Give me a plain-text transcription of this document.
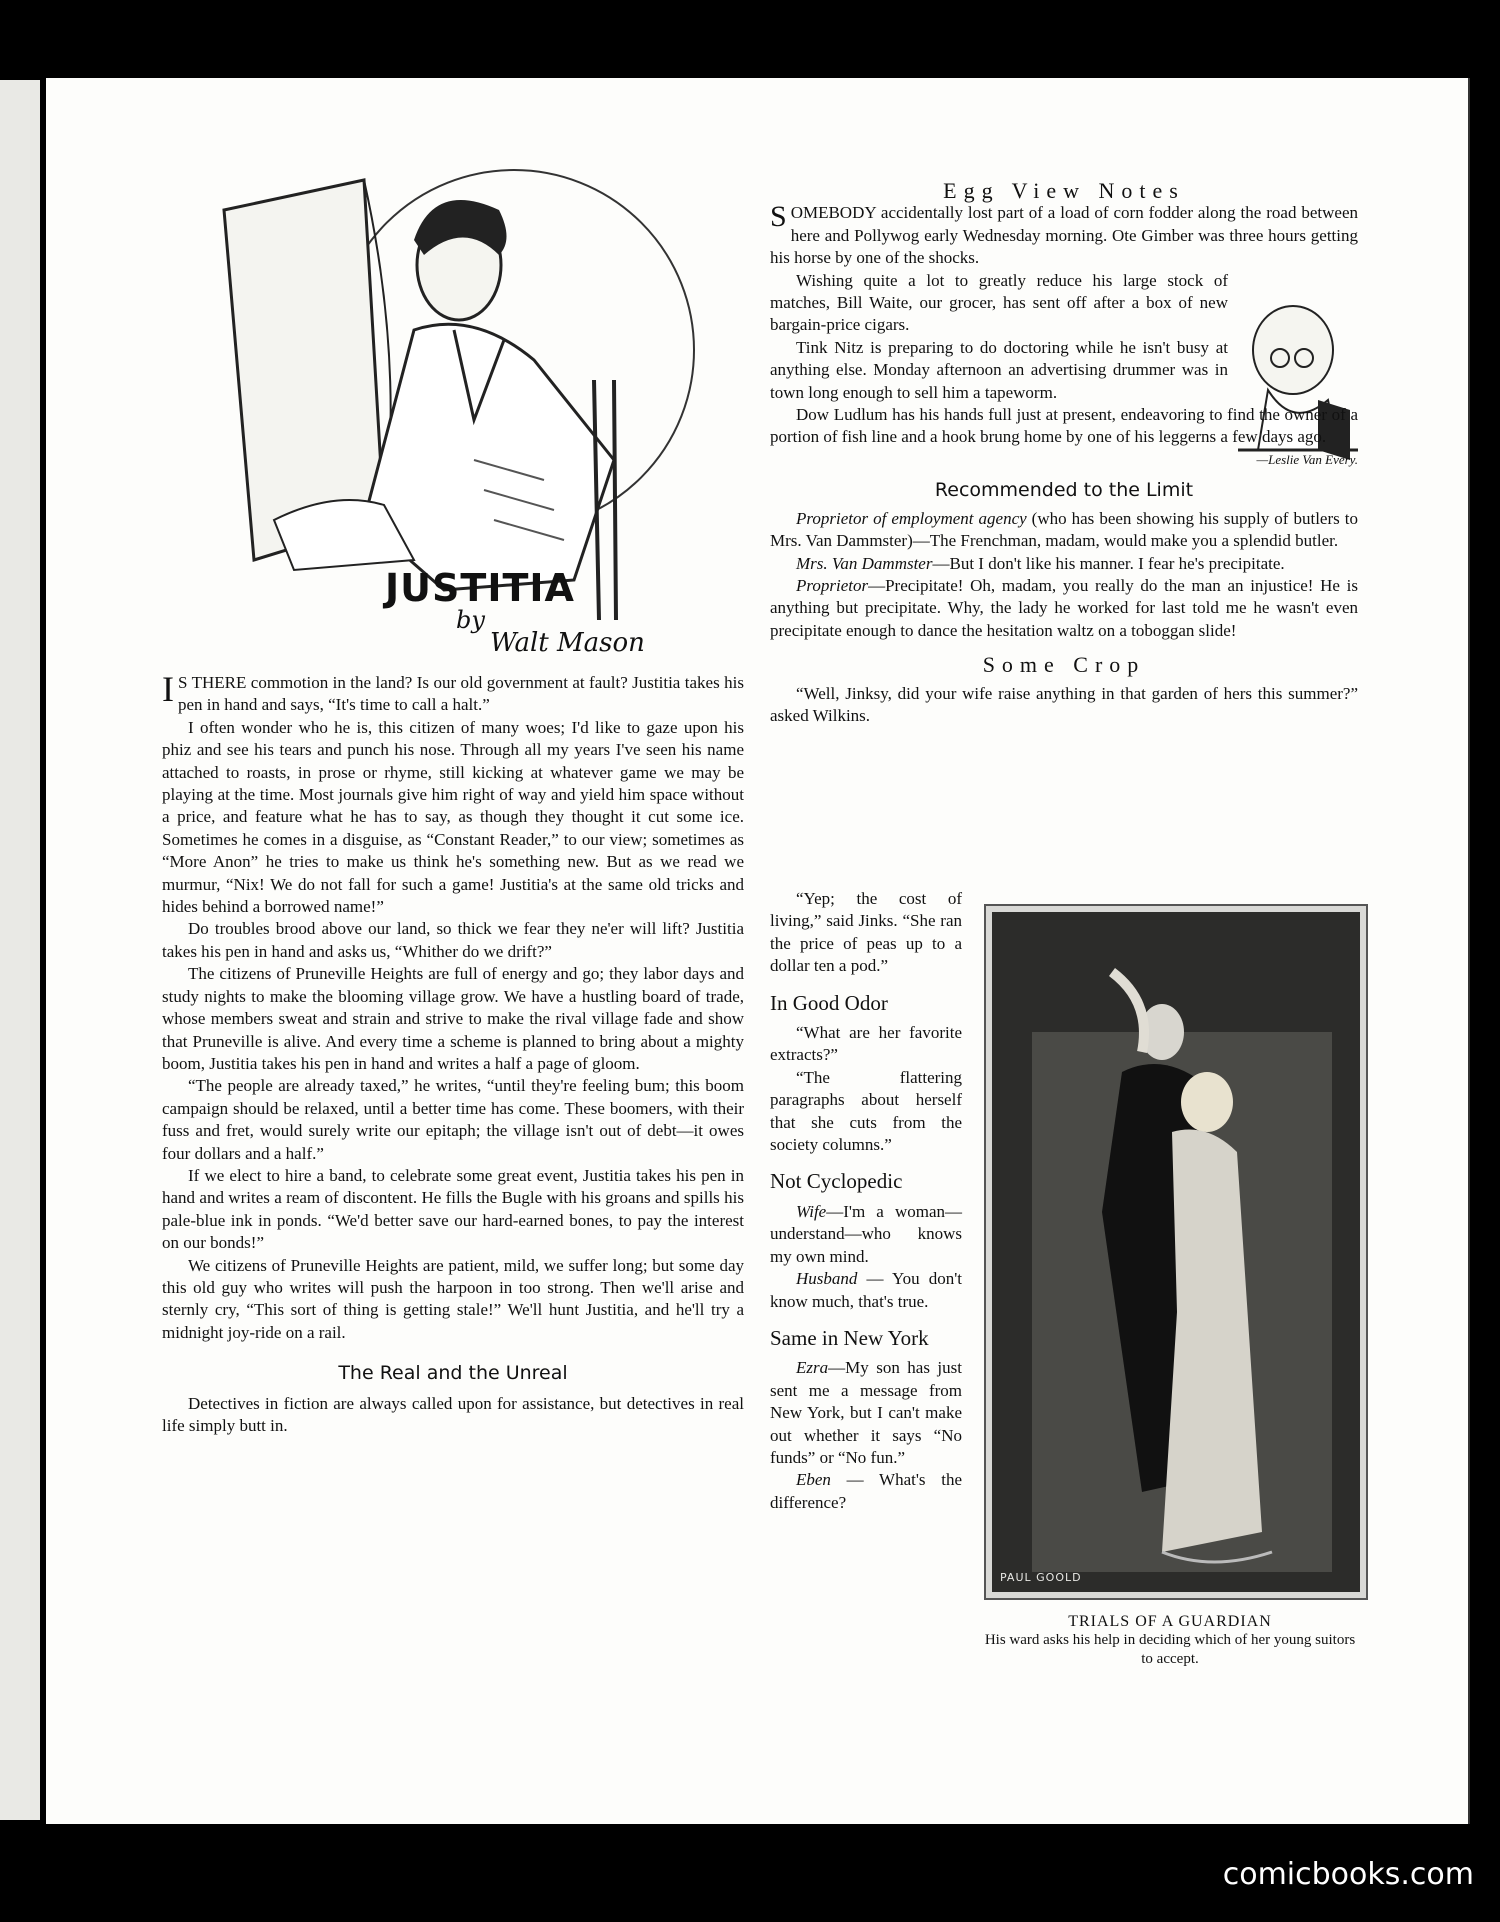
JUSTITIA
by
Walt Mason

I S THERE commotion in the land? Is our old government at fault? Justitia takes his pen in hand and says, “It's time to call a halt.”

I often wonder who he is, this citizen of many woes; I'd like to gaze upon his phiz and see his tears and punch his nose. Through all my years I've seen his name attached to roasts, in prose or rhyme, still kicking at whatever game we may be playing at the time. Most journals give him right of way and yield him space without a price, and feature what he has to say, as though they thought it cut some ice. Sometimes he comes in a disguise, as “Constant Reader,” to our view; sometimes as “More Anon” he tries to make us think he's something new. But as we read we murmur, “Nix! We do not fall for such a game! Justitia's at the same old tricks and hides behind a borrowed name!”

Do troubles brood above our land, so thick we fear they ne'er will lift? Justitia takes his pen in hand and asks us, “Whither do we drift?”

The citizens of Pruneville Heights are full of energy and go; they labor days and study nights to make the blooming village grow. We have a hustling board of trade, whose members sweat and strain and strive to make the rival village fade and show that Pruneville is alive. And every time a scheme is planned to bring about a mighty boom, Justitia takes his pen in hand and writes a half a page of gloom.

“The people are already taxed,” he writes, “until they're feeling bum; this boom campaign should be relaxed, until a better time has come. These boomers, with their fuss and fret, would surely write our epitaph; the village isn't out of debt—it owes four dollars and a half.”

If we elect to hire a band, to celebrate some great event, Justitia takes his pen in hand and writes a ream of discontent. He fills the Bugle with his groans and spills his pale-blue ink in ponds. “We'd better save our hard-earned bones, to pay the interest on our bonds!”

We citizens of Pruneville Heights are patient, mild, we suffer long; but some day this old guy who writes will push the harpoon in too strong. Then we'll arise and sternly cry, “This sort of thing is getting stale!” We'll hunt Justitia, and he'll try a midnight joy-ride on a rail.

The Real and the Unreal

Detectives in fiction are always called upon for assistance, but detectives in real life simply butt in.

Egg View Notes

SOMEBODY accidentally lost part of a load of corn fodder along the road between here and Pollywog early Wednesday morning. Ote Gimber was three hours getting his horse by one of the shocks.

Wishing quite a lot to greatly reduce his large stock of matches, Bill Waite, our grocer, has sent off after a box of new bargain-price cigars.

Tink Nitz is preparing to do doctoring while he isn't busy at anything else. Monday afternoon an advertising drummer was in town long enough to sell him a tapeworm.

Dow Ludlum has his hands full just at present, endeavoring to find the owner of a portion of fish line and a hook brung home by one of his leggerns a few days ago.

—Leslie Van Every.
Recommended to the Limit

Proprietor of employment agency (who has been showing his supply of butlers to Mrs. Van Dammster)—The Frenchman, madam, would make you a splendid butler.

Mrs. Van Dammster—But I don't like his manner. I fear he's precipitate.

Proprietor—Precipitate! Oh, madam, you really do the man an injustice! He is anything but precipitate. Why, the lady he worked for last told me he wasn't even precipitate enough to dance the hesitation waltz on a toboggan slide!

Some Crop

“Well, Jinksy, did your wife raise anything in that garden of hers this summer?” asked Wilkins.

“Yep; the cost of living,” said Jinks. “She ran the price of peas up to a dollar ten a pod.”

In Good Odor

“What are her favorite extracts?”

“The flattering paragraphs about herself that she cuts from the society columns.”

Not Cyclopedic

Wife—I'm a woman—understand—who knows my own mind.

Husband — You don't know much, that's true.

Same in New York

Ezra—My son has just sent me a message from New York, but I can't make out whether it says “No funds” or “No fun.”

Eben — What's the difference?

PAUL GOOLD
TRIALS OF A GUARDIAN
His ward asks his help in deciding which of her young suitors to accept.
comicbooks.com
